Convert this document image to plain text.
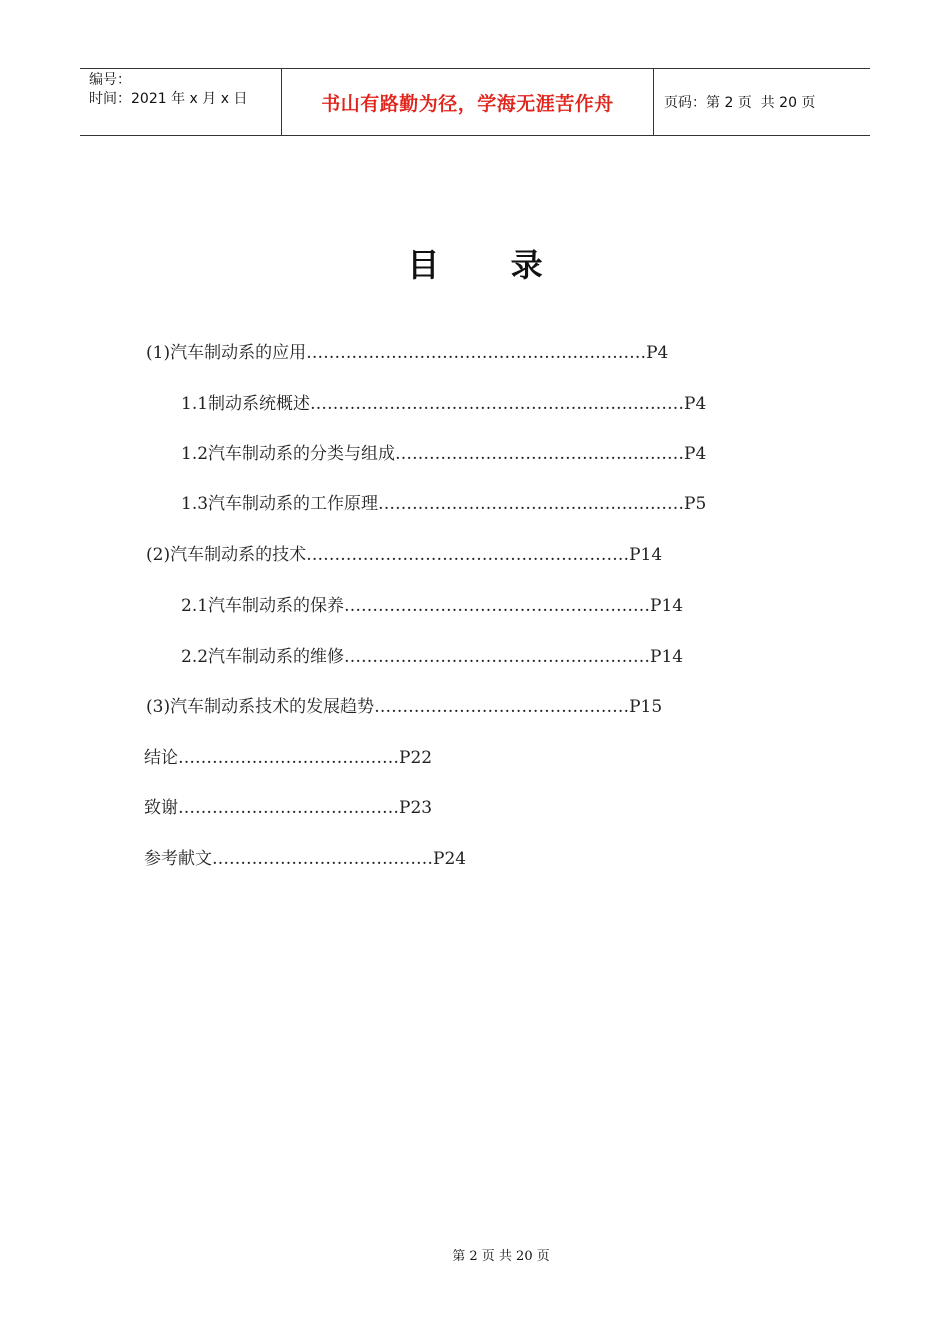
编号：
时间：2021 年 x 月 x 日	书山有路勤为径，学海无涯苦作舟	页码：第 2 页  共 20 页
目 录
(1)汽车制动系的应用……………………………………………………P4
1.1制动系统概述…………………………………………………………P4
1.2汽车制动系的分类与组成……………………………………………P4
1.3汽车制动系的工作原理………………………………………………P5
(2)汽车制动系的技术…………………………………………………P14
2.1汽车制动系的保养………………………………………………P14
2.2汽车制动系的维修………………………………………………P14
(3)汽车制动系技术的发展趋势………………………………………P15
结论…………………………………P22
致谢…………………………………P23
参考献文…………………………………P24
第 2 页 共 20 页
